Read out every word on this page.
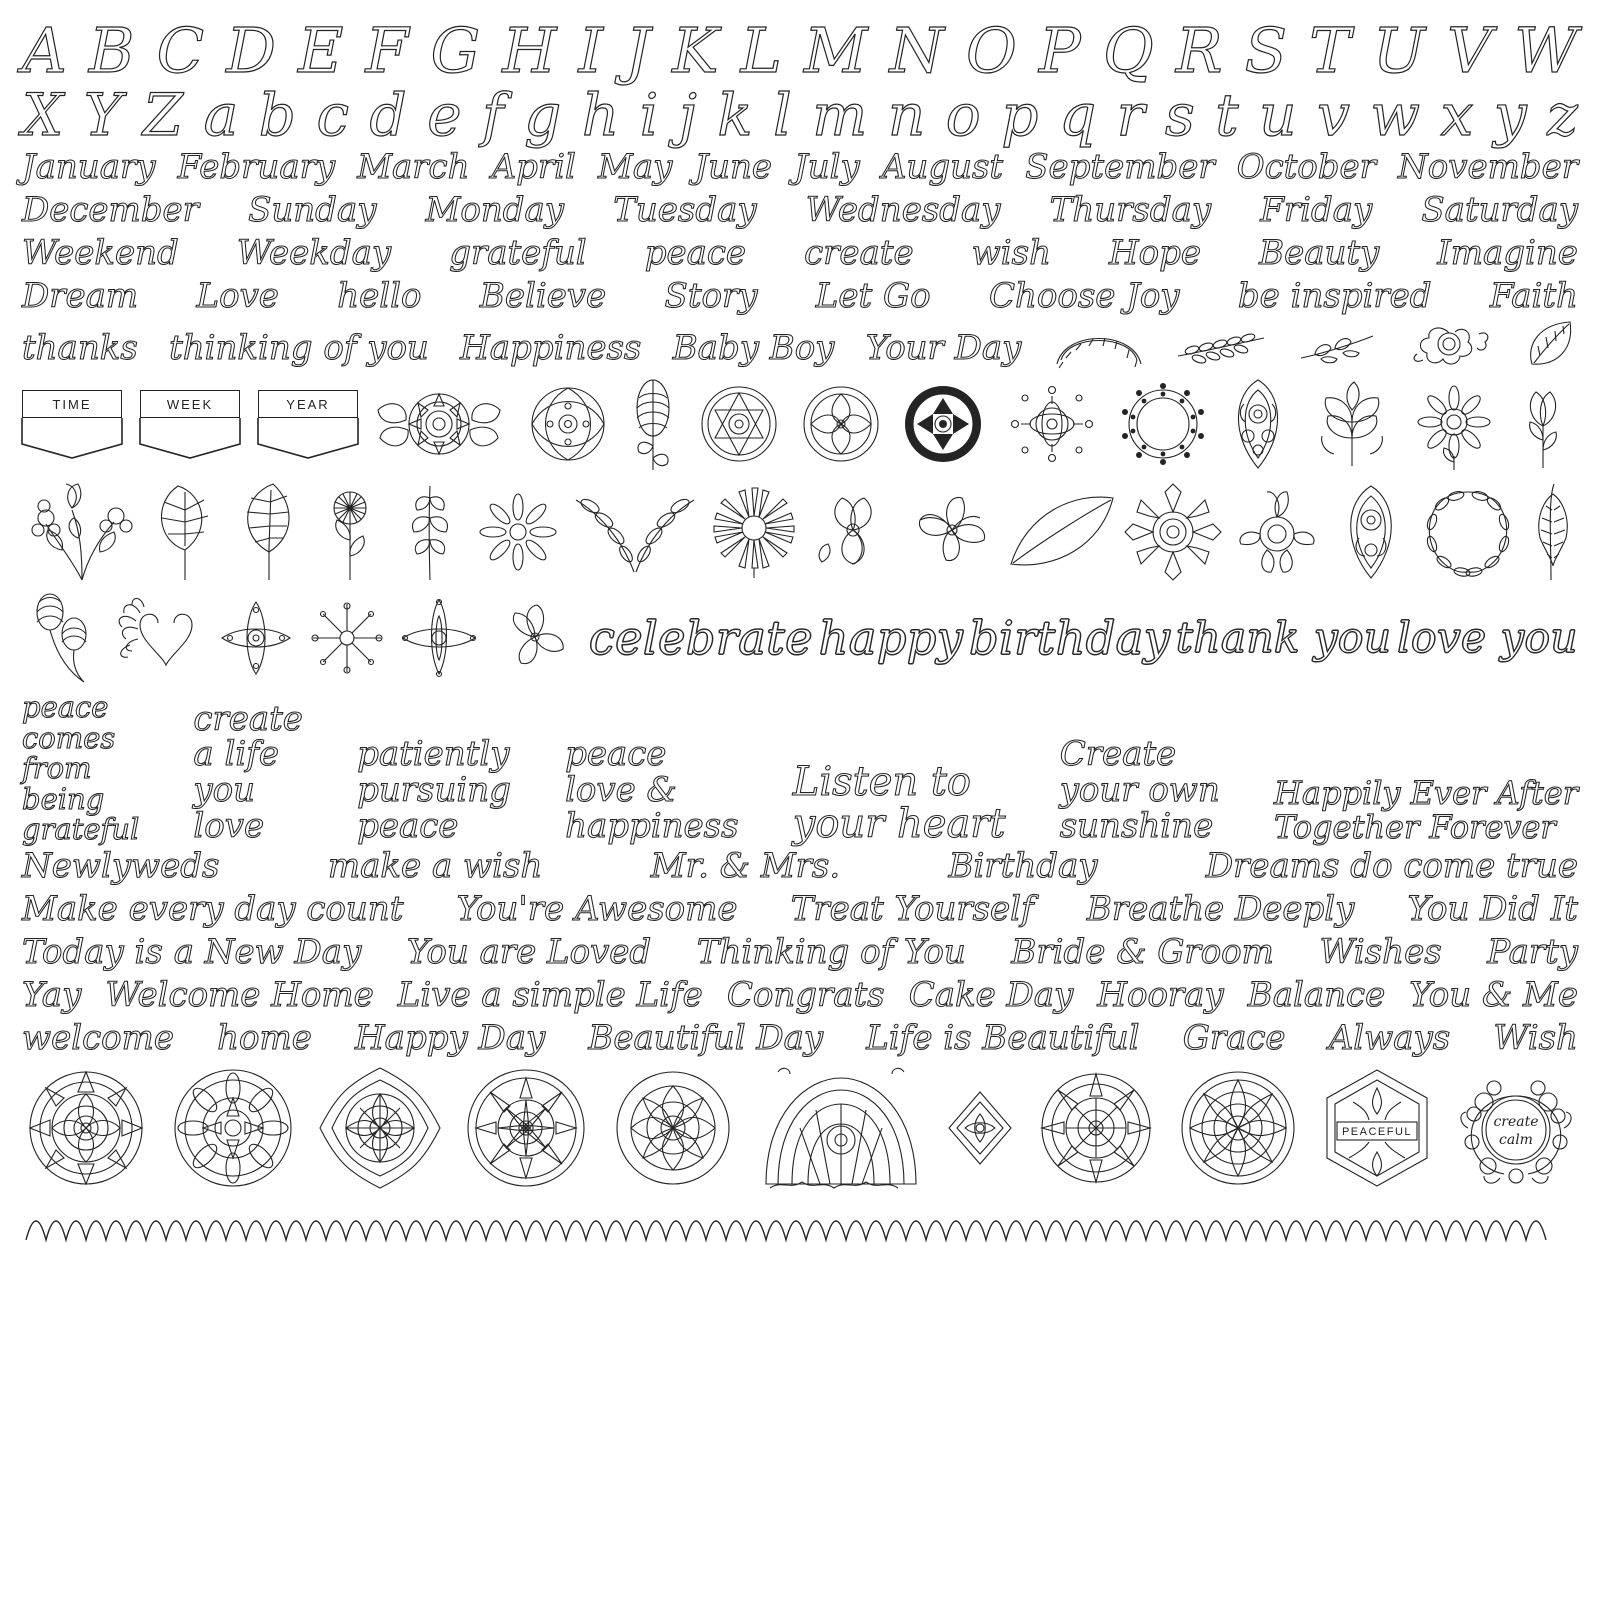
A B C D E F G H I J K L M N O P Q R S T U V W
X Y Z a b c d e f g h i j k l m n o p q r s t u v w x y z
January February March April May June July August September October November
December Sunday Monday Tuesday Wednesday Thursday Friday Saturday
Weekend Weekday grateful peace create wish Hope Beauty Imagine
Dream Love hello Believe Story Let Go Choose Joy be inspired Faith
thanks thinking of you Happiness Baby Boy Your Day
TIME	WEEK	YEAR
celebrate happy birthday thank you love you
peace
comes
from
being
grateful
create
a life
you
love
patiently
pursuing
peace
peace
love &
happiness
Listen to
your heart
Create
your own
sunshine
Happily Ever After
Together Forever
Newlyweds	make a wish	Mr. & Mrs.	Birthday	Dreams do come true
Make every day count You're Awesome Treat Yourself Breathe Deeply You Did It
Today is a New Day You are Loved Thinking of You Bride & Groom Wishes Party
Yay Welcome Home Live a simple Life Congrats Cake Day Hooray Balance You & Me
welcome home Happy Day Beautiful Day Life is Beautiful Grace Always Wish
PEACEFUL
create
calm
